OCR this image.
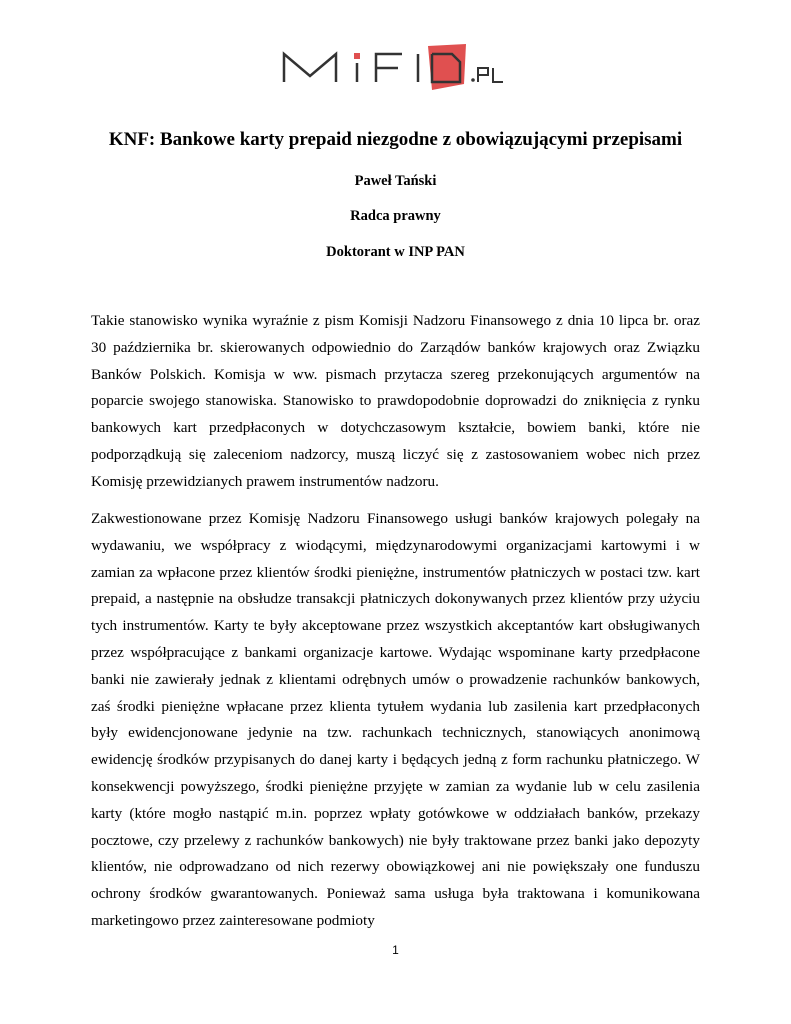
KNF: Bankowe karty prepaid niezgodne z obowiązującymi przepisami
Paweł Tański
Radca prawny
Doktorant w INP PAN

Takie stanowisko wynika wyraźnie z pism Komisji Nadzoru Finansowego z dnia 10 lipca br. oraz 30 października br. skierowanych odpowiednio do Zarządów banków krajowych oraz Związku Banków Polskich. Komisja w ww. pismach przytacza szereg przekonujących argumentów na poparcie swojego stanowiska. Stanowisko to prawdopodobnie doprowadzi do zniknięcia z rynku bankowych kart przedpłaconych w dotychczasowym kształcie, bowiem banki, które nie podporządkują się zaleceniom nadzorcy, muszą liczyć się z zastosowaniem wobec nich przez Komisję przewidzianych prawem instrumentów nadzoru.

Zakwestionowane przez Komisję Nadzoru Finansowego usługi banków krajowych polegały na wydawaniu, we współpracy z wiodącymi, międzynarodowymi organizacjami kartowymi i w zamian za wpłacone przez klientów środki pieniężne, instrumentów płatniczych w postaci tzw. kart prepaid, a następnie na obsłudze transakcji płatniczych dokonywanych przez klientów przy użyciu tych instrumentów. Karty te były akceptowane przez wszystkich akceptantów kart obsługiwanych przez współpracujące z bankami organizacje kartowe. Wydając wspominane karty przedpłacone banki nie zawierały jednak z klientami odrębnych umów o prowadzenie rachunków bankowych, zaś środki pieniężne wpłacane przez klienta tytułem wydania lub zasilenia kart przedpłaconych były ewidencjonowane jedynie na tzw. rachunkach technicznych, stanowiących anonimową ewidencję środków przypisanych do danej karty i będących jedną z form rachunku płatniczego. W konsekwencji powyższego, środki pieniężne przyjęte w zamian za wydanie lub w celu zasilenia karty (które mogło nastąpić m.in. poprzez wpłaty gotówkowe w oddziałach banków, przekazy pocztowe, czy przelewy z rachunków bankowych) nie były traktowane przez banki jako depozyty klientów, nie odprowadzano od nich rezerwy obowiązkowej ani nie powiększały one funduszu ochrony środków gwarantowanych. Ponieważ sama usługa była traktowana i komunikowana marketingowo przez zainteresowane podmioty

1
